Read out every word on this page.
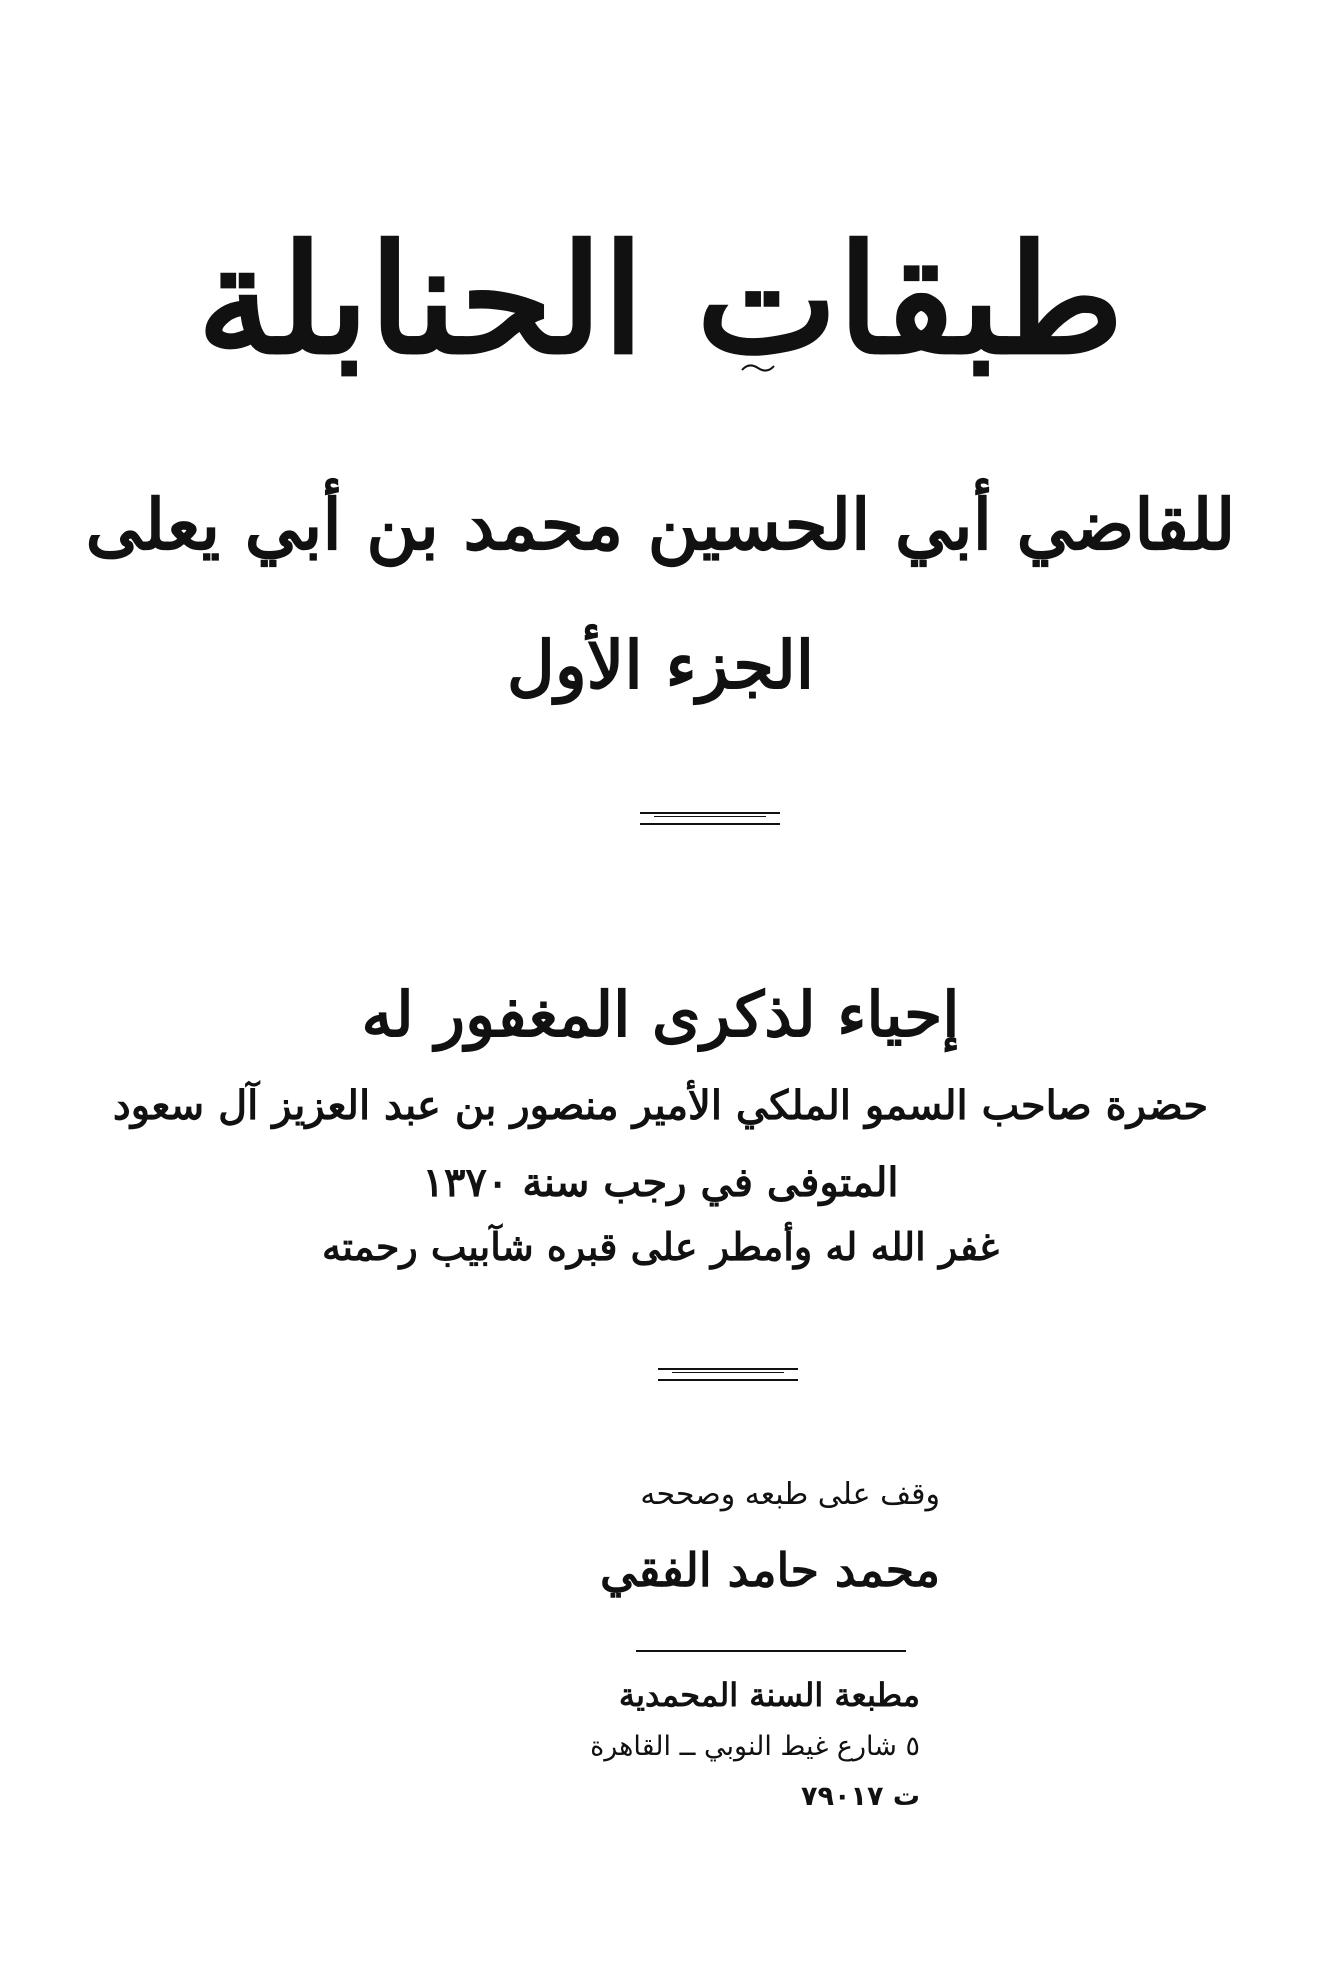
طبقات الحنابلة
للقاضي أبي الحسين محمد بن أبي يعلى
الجزء الأول
إحياء لذكرى المغفور له
حضرة صاحب السمو الملكي الأمير منصور بن عبد العزيز آل سعود
المتوفى في رجب سنة ١٣٧٠
غفر الله له وأمطر على قبره شآبيب رحمته
وقف على طبعه وصححه
محمد حامد الفقي
مطبعة السنة المحمدية
٥ شارع غيط النوبي ــ القاهرة
ت ٧٩٠١٧
